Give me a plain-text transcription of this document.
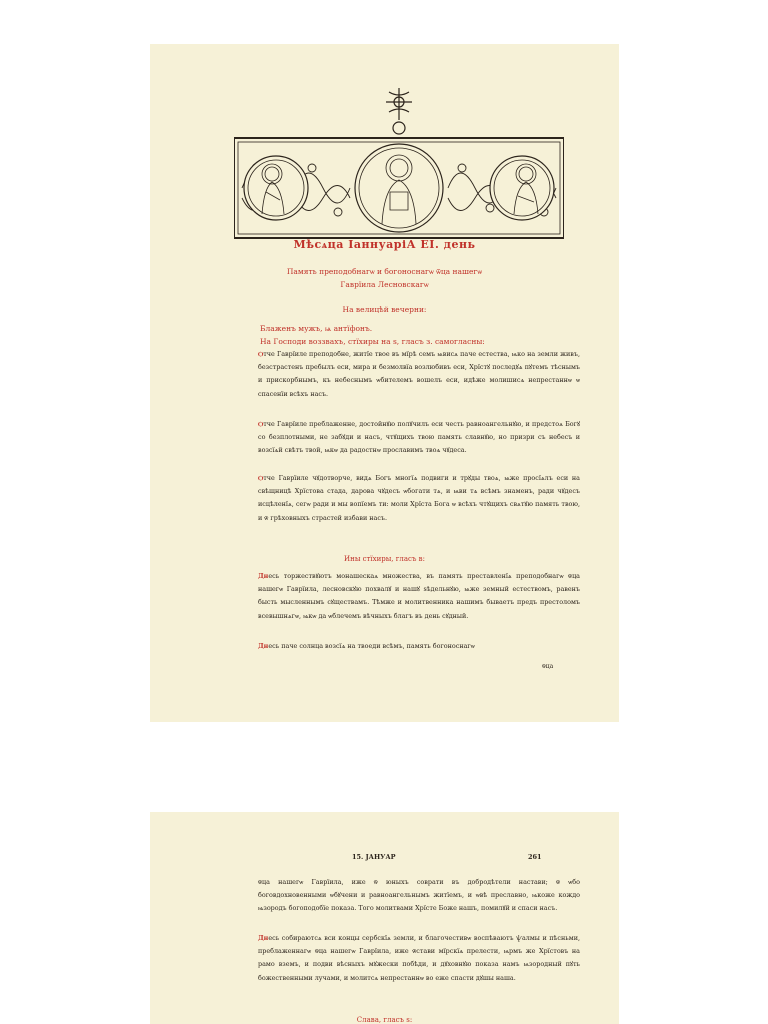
Мѣсѧца ІаннуаріА ЕІ. день
Память преподобнагѡ и богоноснагѡ ѿца нашегѡ
Гаврїила Лесновскагѡ
На велицѣй вечерни:
Блаженъ мужъ, ѩ антїфонъ.
На Господи воззвахъ, стїхиры на ѕ, гласъ з. самогласны:

Ѻтче Гаврїиле преподобне, житїе твое въ мїрѣ семъ ѩвисѧ паче естества, ѩко на земли живъ, безстрастенъ пребылъ еси, мира и безмолвїа возлюбивъ еси, Хрїстꙋ последꙋѧ пꙋтемъ тѣснымъ и прискорбнымъ, къ небеснымъ ѡбителемъ вошелъ еси, идѣже молишисѧ непрестаннѡ ѡ спасенїи всѣхъ насъ.

Ѻтче Гаврїиле преблаженне, достойнꙋю полꙋчилъ еси честь равноангельнꙋю, и предстоѧ Богꙋ со безплотными, не забꙋди и насъ, чтꙋщихъ твою память славнꙋю, но призри съ небесъ и возсїѧй свѣтъ твой, ѩкѡ да радостнѡ прославимъ твоѧ чꙋдеса.

Ѻтче Гаврїиле чꙋдотворче, видѧ Богъ многїѧ подвиги и трꙋды твоѧ, ѩже просїѧлъ еси на свѣщницѣ Хрїстова стада, дарова чꙋдесъ ѡбогати тѧ, и ѩви тѧ всѣмъ знаменъ, ради чꙋдесъ исцѣленїѧ, сегѡ ради и мы вопїемъ ти: моли Хрїста Бога ѡ всѣхъ чтꙋщихъ свѧтꙋю память твою, и ѿ грѣховныхъ страстей избави насъ.

Ины стїхиры, гласъ в:

Днесь торжествꙋютъ монашескаѧ множества, въ память преставленїѧ преподобнагѡ ѿца нашегѡ Гаврїила, лесновскꙋю похвалꙋ и нашꙋ ѕѣдельнꙋю, ѩже земный естествомъ, равенъ бысть мысленнымъ сꙋществамъ. Тѣмже и молитвенника нашимъ бываетъ предъ престоломъ всевышнѧгѡ, ѩкѡ да ѡблечемъ вѣчныхъ благъ въ день сꙋдный.

Днесь паче солнца возсїѧ на твоеди всѣмъ, память богоноснагѡ

ѿца
15. ЈАНУАР	261

ѿца нашегѡ Гаврїила, иже ѿ юныхъ соврати въ добродѣтели настави; ѿ ѡбо боговдохновенными ѡбꙋчени и равноангельнымъ житїемъ, и ѡвѣ преславно, ѩкоже кождо ѩзородъ богоподобїе показа. Того молитвами Хрїсте Боже нашъ, помилꙋй и спаси насъ.

Днесь собираютсѧ вси концы сербскїѧ земли, и благочестивѡ воспѣваютъ ѱалмы и пѣсньми, преблаженнагѡ ѿца нашегѡ Гаврїила, иже ѿстави мїрскїѧ прелести, ѩрмъ же Хрїстовъ на рамо вземъ, и подви вѣсныхъ мꙋжески побѣди, и дꙋховнꙋю показа намъ ѩзородный пꙋть божественными лучами, и молитсѧ непрестаннѡ во еже спасти дꙋшы наша.

Слава, гласъ s:
